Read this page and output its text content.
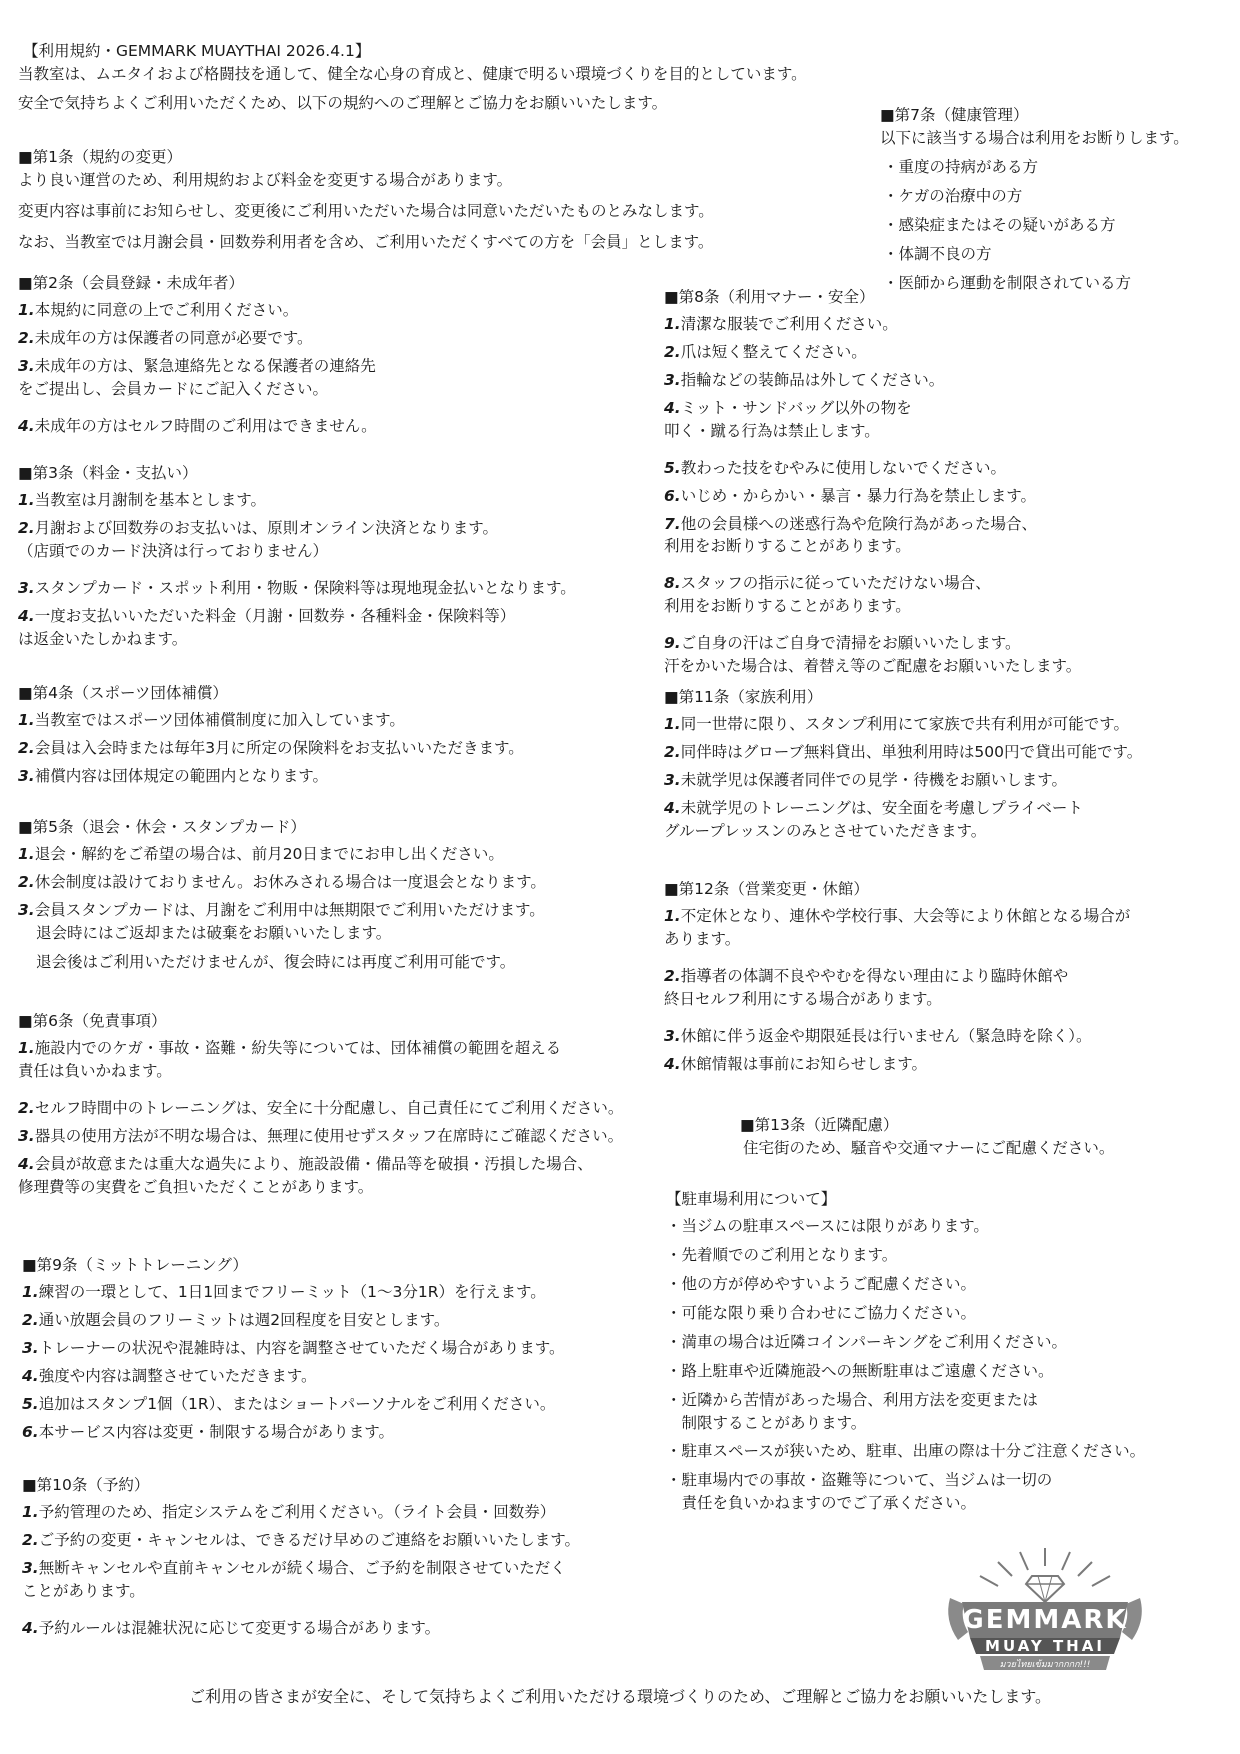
【利用規約・GEMMARK MUAYTHAI 2026.4.1】

当教室は、ムエタイおよび格闘技を通して、健全な心身の育成と、健康で明るい環境づくりを目的としています。

安全で気持ちよくご利用いただくため、以下の規約へのご理解とご協力をお願いいたします。

■第1条（規約の変更）

より良い運営のため、利用規約および料金を変更する場合があります。

変更内容は事前にお知らせし、変更後にご利用いただいた場合は同意いただいたものとみなします。

なお、当教室では月謝会員・回数券利用者を含め、ご利用いただくすべての方を「会員」とします。

■第2条（会員登録・未成年者）

1.本規約に同意の上でご利用ください。
2.未成年の方は保護者の同意が必要です。
3.未成年の方は、緊急連絡先となる保護者の連絡先
をご提出し、会員カードにご記入ください。
4.未成年の方はセルフ時間のご利用はできません。

■第3条（料金・支払い）

1.当教室は月謝制を基本とします。
2.月謝および回数券のお支払いは、原則オンライン決済となります。
（店頭でのカード決済は行っておりません）
3.スタンプカード・スポット利用・物販・保険料等は現地現金払いとなります。
4.一度お支払いいただいた料金（月謝・回数券・各種料金・保険料等）
は返金いたしかねます。

■第4条（スポーツ団体補償）

1.当教室ではスポーツ団体補償制度に加入しています。
2.会員は入会時または毎年3月に所定の保険料をお支払いいただきます。
3.補償内容は団体規定の範囲内となります。

■第5条（退会・休会・スタンプカード）

1.退会・解約をご希望の場合は、前月20日までにお申し出ください。
2.休会制度は設けておりません。お休みされる場合は一度退会となります。
3.会員スタンプカードは、月謝をご利用中は無期限でご利用いただけます。
退会時にはご返却または破棄をお願いいたします。
退会後はご利用いただけませんが、復会時には再度ご利用可能です。

■第6条（免責事項）

1.施設内でのケガ・事故・盗難・紛失等については、団体補償の範囲を超える
責任は負いかねます。
2.セルフ時間中のトレーニングは、安全に十分配慮し、自己責任にてご利用ください。
3.器具の使用方法が不明な場合は、無理に使用せずスタッフ在席時にご確認ください。
4.会員が故意または重大な過失により、施設設備・備品等を破損・汚損した場合、
修理費等の実費をご負担いただくことがあります。

■第9条（ミットトレーニング）

1.練習の一環として、1日1回までフリーミット（1〜3分1R）を行えます。
2.通い放題会員のフリーミットは週2回程度を目安とします。
3.トレーナーの状況や混雑時は、内容を調整させていただく場合があります。
4.強度や内容は調整させていただきます。
5.追加はスタンプ1個（1R）、またはショートパーソナルをご利用ください。
6.本サービス内容は変更・制限する場合があります。

■第10条（予約）

1.予約管理のため、指定システムをご利用ください。（ライト会員・回数券）
2.ご予約の変更・キャンセルは、できるだけ早めのご連絡をお願いいたします。
3.無断キャンセルや直前キャンセルが続く場合、ご予約を制限させていただく
ことがあります。
4.予約ルールは混雑状況に応じて変更する場合があります。

■第7条（健康管理）

以下に該当する場合は利用をお断りします。

・重度の持病がある方

・ケガの治療中の方

・感染症またはその疑いがある方

・体調不良の方

・医師から運動を制限されている方

■第8条（利用マナー・安全）

1.清潔な服装でご利用ください。
2.爪は短く整えてください。
3.指輪などの装飾品は外してください。
4.ミット・サンドバッグ以外の物を
叩く・蹴る行為は禁止します。
5.教わった技をむやみに使用しないでください。
6.いじめ・からかい・暴言・暴力行為を禁止します。
7.他の会員様への迷惑行為や危険行為があった場合、
利用をお断りすることがあります。
8.スタッフの指示に従っていただけない場合、
利用をお断りすることがあります。
9.ご自身の汗はご自身で清掃をお願いいたします。
汗をかいた場合は、着替え等のご配慮をお願いいたします。

■第11条（家族利用）

1.同一世帯に限り、スタンプ利用にて家族で共有利用が可能です。
2.同伴時はグローブ無料貸出、単独利用時は500円で貸出可能です。
3.未就学児は保護者同伴での見学・待機をお願いします。
4.未就学児のトレーニングは、安全面を考慮しプライベート
グループレッスンのみとさせていただきます。

■第12条（営業変更・休館）

1.不定休となり、連休や学校行事、大会等により休館となる場合が
あります。
2.指導者の体調不良ややむを得ない理由により臨時休館や
終日セルフ利用にする場合があります。
3.休館に伴う返金や期限延長は行いません（緊急時を除く）。
4.休館情報は事前にお知らせします。

■第13条（近隣配慮）

住宅街のため、騒音や交通マナーにご配慮ください。

【駐車場利用について】

・当ジムの駐車スペースには限りがあります。

・先着順でのご利用となります。

・他の方が停めやすいようご配慮ください。

・可能な限り乗り合わせにご協力ください。

・満車の場合は近隣コインパーキングをご利用ください。

・路上駐車や近隣施設への無断駐車はご遠慮ください。

・近隣から苦情があった場合、利用方法を変更または
　制限することがあります。

・駐車スペースが狭いため、駐車、出庫の際は十分ご注意ください。

・駐車場内での事故・盗難等について、当ジムは一切の
　責任を負いかねますのでご了承ください。

GEMMARK
MUAY THAI
มวยไทยเข้มมากกกก!!!
ご利用の皆さまが安全に、そして気持ちよくご利用いただける環境づくりのため、ご理解とご協力をお願いいたします。
